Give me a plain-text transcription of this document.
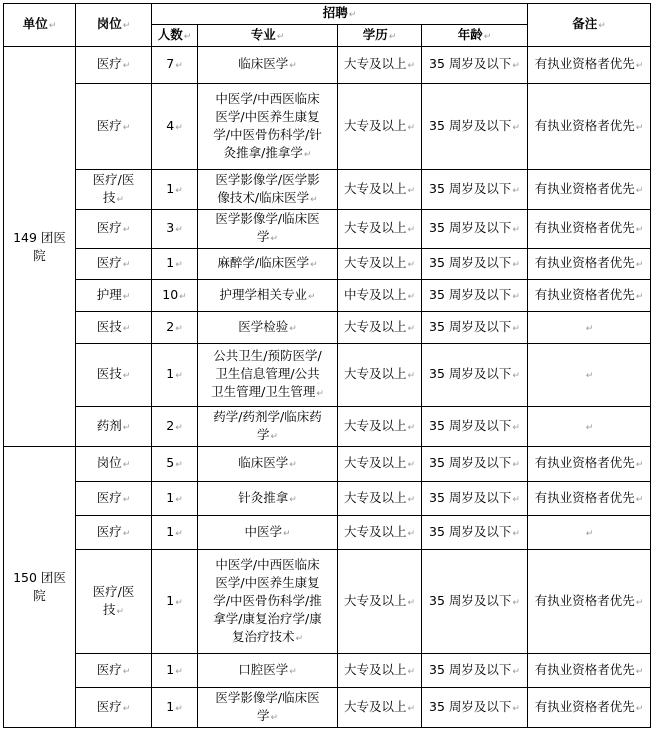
单位↵	岗位↵	招聘↵				备注↵
		人数↵	专业↵	学历↵	年龄↵	
149 团医
院	医疗↵	7↵	临床医学↵	大专及以上↵	35 周岁及以下↵	有执业资格者优先↵
	医疗↵	4↵	中医学/中西医临床
医学/中医养生康复
学/中医骨伤科学/针
灸推拿/推拿学↵	大专及以上↵	35 周岁及以下↵	有执业资格者优先↵
	医疗/医
技↵	1↵	医学影像学/医学影
像技术/临床医学↵	大专及以上↵	35 周岁及以下↵	有执业资格者优先↵
	医疗↵	3↵	医学影像学/临床医
学↵	大专及以上↵	35 周岁及以下↵	有执业资格者优先↵
	医疗↵	1↵	麻醉学/临床医学↵	大专及以上↵	35 周岁及以下↵	有执业资格者优先↵
	护理↵	10↵	护理学相关专业↵	中专及以上↵	35 周岁及以下↵	有执业资格者优先↵
	医技↵	2↵	医学检验↵	大专及以上↵	35 周岁及以下↵	↵
	医技↵	1↵	公共卫生/预防医学/
卫生信息管理/公共
卫生管理/卫生管理↵	大专及以上↵	35 周岁及以下↵	↵
	药剂↵	2↵	药学/药剂学/临床药
学↵	大专及以上↵	35 周岁及以下↵	↵
150 团医
院	岗位↵	5↵	临床医学↵	大专及以上↵	35 周岁及以下↵	有执业资格者优先↵
	医疗↵	1↵	针灸推拿↵	大专及以上↵	35 周岁及以下↵	有执业资格者优先↵
	医疗↵	1↵	中医学↵	大专及以上↵	35 周岁及以下↵	↵
	医疗/医
技↵	1↵	中医学/中西医临床
医学/中医养生康复
学/中医骨伤科学/推
拿学/康复治疗学/康
复治疗技术↵	大专及以上↵	35 周岁及以下↵	有执业资格者优先↵
	医疗↵	1↵	口腔医学↵	大专及以上↵	35 周岁及以下↵	有执业资格者优先↵
	医疗↵	1↵	医学影像学/临床医
学↵	大专及以上↵	35 周岁及以下↵	有执业资格者优先↵
